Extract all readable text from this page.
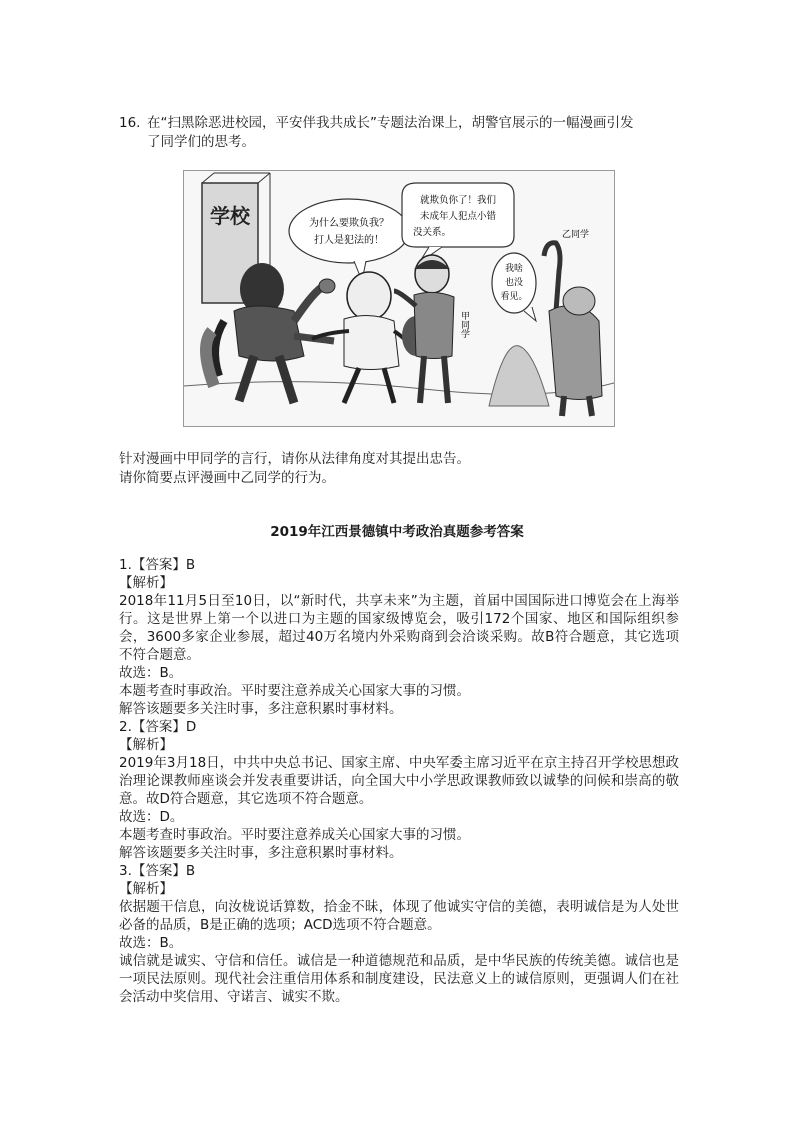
16. 在“扫黑除恶进校园，平安伴我共成长”专题法治课上，胡警官展示的一幅漫画引发
了同学们的思考。
学校	为什么要欺负我？
打人是犯法的！
就欺负你了！我们
未成年人犯点小错
没关系。
甲同学
我啥
也没
看见。
乙同学

针对漫画中甲同学的言行，请你从法律角度对其提出忠告。

请你简要点评漫画中乙同学的行为。

2019年江西景德镇中考政治真题参考答案

1.【答案】B

【解析】

2018年11月5日至10日，以“新时代，共享未来”为主题，首届中国国际进口博览会在上海举行。这是世界上第一个以进口为主题的国家级博览会，吸引172个国家、地区和国际组织参会，3600多家企业参展，超过40万名境内外采购商到会洽谈采购。故B符合题意，其它选项不符合题意。

故选：B。

本题考查时事政治。平时要注意养成关心国家大事的习惯。

解答该题要多关注时事，多注意积累时事材料。

2.【答案】D

【解析】

2019年3月18日，中共中央总书记、国家主席、中央军委主席习近平在京主持召开学校思想政治理论课教师座谈会并发表重要讲话，向全国大中小学思政课教师致以诚挚的问候和崇高的敬意。故D符合题意，其它选项不符合题意。

故选：D。

本题考查时事政治。平时要注意养成关心国家大事的习惯。

解答该题要多关注时事，多注意积累时事材料。

3.【答案】B

【解析】

依据题干信息，向汝栊说话算数，拾金不昧，体现了他诚实守信的美德，表明诚信是为人处世必备的品质，B是正确的选项；ACD选项不符合题意。

故选：B。

诚信就是诚实、守信和信任。诚信是一种道德规范和品质，是中华民族的传统美德。诚信也是一项民法原则。现代社会注重信用体系和制度建设，民法意义上的诚信原则，更强调人们在社会活动中奖信用、守诺言、诚实不欺。
